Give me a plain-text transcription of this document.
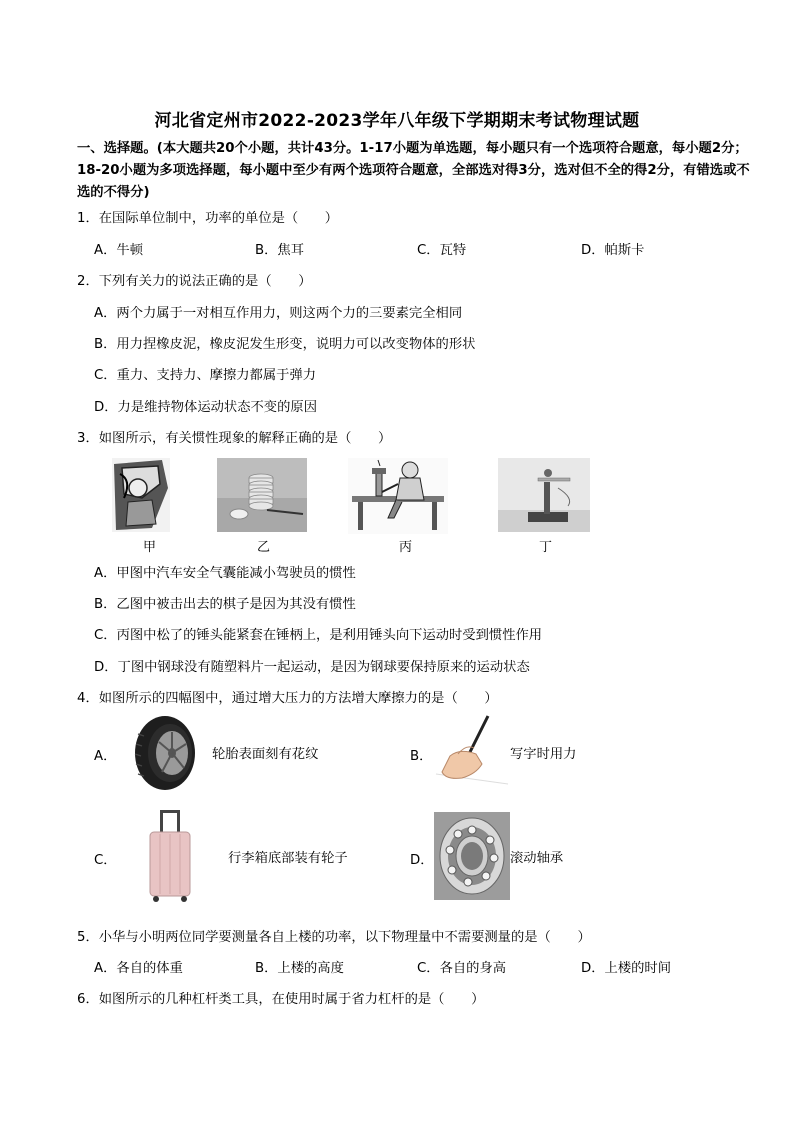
河北省定州市2022-2023学年八年级下学期期末考试物理试题
一、选择题。(本大题共20个小题，共计43分。1-17小题为单选题，每小题只有一个选项符合题意，每小题2分；18-20小题为多项选择题，每小题中至少有两个选项符合题意，全部选对得3分，选对但不全的得2分，有错选或不选的不得分)
1．在国际单位制中，功率的单位是（　　）
A．牛顿	B．焦耳	C．瓦特	D．帕斯卡
2．下列有关力的说法正确的是（　　）
A．两个力属于一对相互作用力，则这两个力的三要素完全相同
B．用力捏橡皮泥，橡皮泥发生形变，说明力可以改变物体的形状
C．重力、支持力、摩擦力都属于弹力
D．力是维持物体运动状态不变的原因
3．如图所示，有关惯性现象的解释正确的是（　　）
甲	乙	丙	丁
A．甲图中汽车安全气囊能减小驾驶员的惯性
B．乙图中被击出去的棋子是因为其没有惯性
C．丙图中松了的锤头能紧套在锤柄上，是利用锤头向下运动时受到惯性作用
D．丁图中钢球没有随塑料片一起运动，是因为钢球要保持原来的运动状态
4．如图所示的四幅图中，通过增大压力的方法增大摩擦力的是（　　）
A．	轮胎表面刻有花纹	B．	写字时用力
C．	行李箱底部装有轮子	D．	滚动轴承
5．小华与小明两位同学要测量各自上楼的功率，以下物理量中不需要测量的是（　　）
A．各自的体重	B．上楼的高度	C．各自的身高	D．上楼的时间
6．如图所示的几种杠杆类工具，在使用时属于省力杠杆的是（　　）
